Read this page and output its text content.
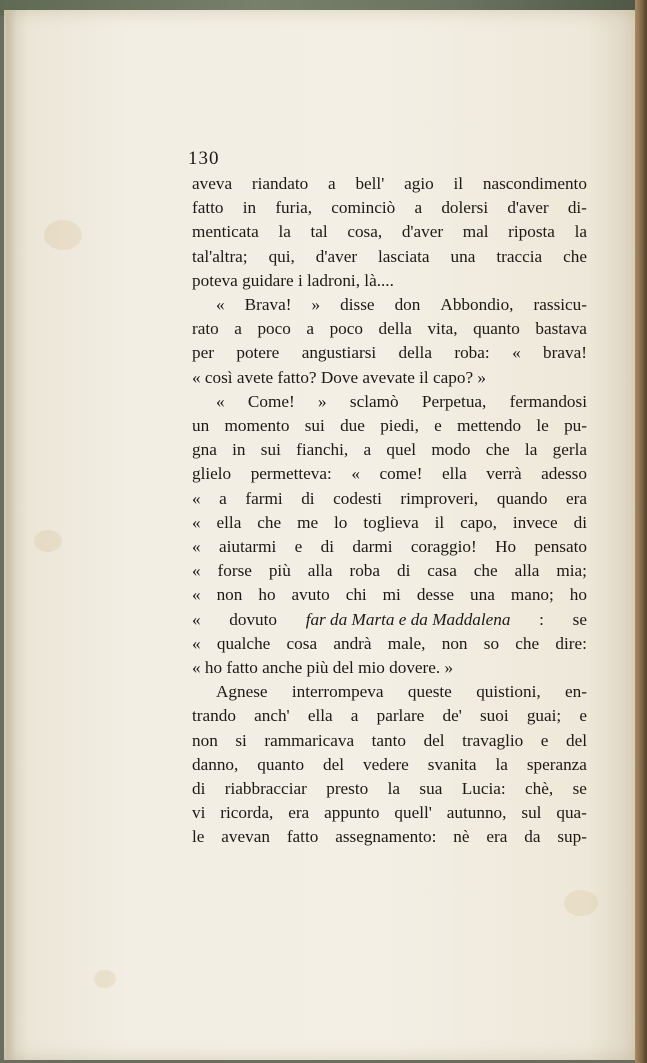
130
aveva riandato a bell' agio il nascondimento
fatto in furia, cominciò a dolersi d'aver di-
menticata la tal cosa, d'aver mal riposta la
tal'altra; qui, d'aver lasciata una traccia che
poteva guidare i ladroni, là....
« Brava! » disse don Abbondio, rassicu-
rato a poco a poco della vita, quanto bastava
per potere angustiarsi della roba: « brava!
« così avete fatto? Dove avevate il capo? »
« Come! » sclamò Perpetua, fermandosi
un momento sui due piedi, e mettendo le pu-
gna in sui fianchi, a quel modo che la gerla
glielo permetteva: « come! ella verrà adesso
« a farmi di codesti rimproveri, quando era
« ella che me lo toglieva il capo, invece di
« aiutarmi e di darmi coraggio! Ho pensato
« forse più alla roba di casa che alla mia;
« non ho avuto chi mi desse una mano; ho
« dovuto far da Marta e da Maddalena : se
« qualche cosa andrà male, non so che dire:
« ho fatto anche più del mio dovere. »
Agnese interrompeva queste quistioni, en-
trando anch' ella a parlare de' suoi guai; e
non si rammaricava tanto del travaglio e del
danno, quanto del vedere svanita la speranza
di riabbracciar presto la sua Lucia: chè, se
vi ricorda, era appunto quell' autunno, sul qua-
le avevan fatto assegnamento: nè era da sup-
